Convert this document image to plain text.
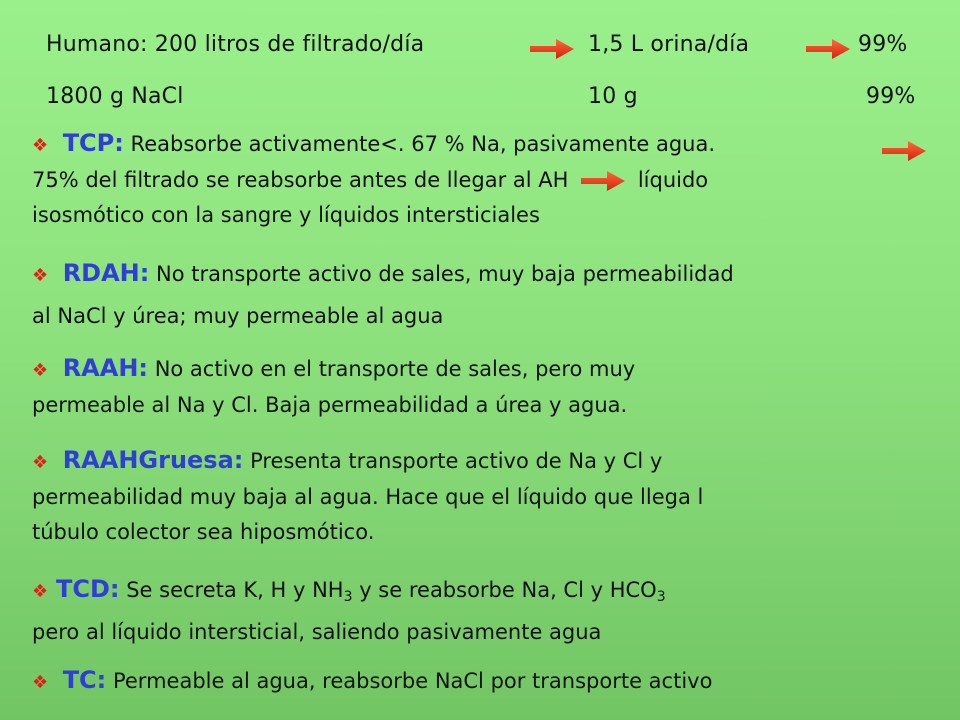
Humano: 200 litros de filtrado/día	1,5 L orina/día	99%
1800 g NaCl	10 g	99%
❖ TCP: Reabsorbe activamente<. 67 % Na, pasivamente agua.
75% del filtrado se reabsorbe antes de llegar al AH	líquido
isosmótico con la sangre y líquidos intersticiales
❖ RDAH: No transporte activo de sales, muy baja permeabilidad
al NaCl y úrea; muy permeable al agua
❖ RAAH: No activo en el transporte de sales, pero muy
permeable al Na y Cl. Baja permeabilidad a úrea y agua.
❖ RAAHGruesa: Presenta transporte activo de Na y Cl y
permeabilidad muy baja al agua. Hace que el líquido que llega l
túbulo colector sea hiposmótico.
❖ TCD: Se secreta K, H y $NH_3$ y se reabsorbe Na, Cl y $HCO_3$
pero al líquido intersticial, saliendo pasivamente agua
❖ TC: Permeable al agua, reabsorbe NaCl por transporte activo
